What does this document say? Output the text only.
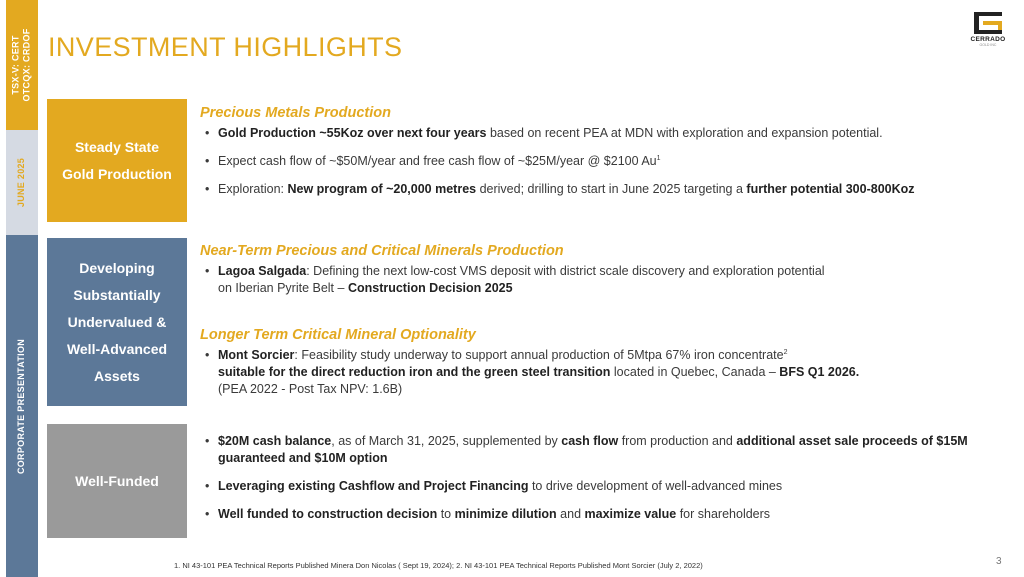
TSX-V: CERT OTCQX: CRDOF
JUNE 2025
CORPORATE PRESENTATION
INVESTMENT HIGHLIGHTS	CERRADO
GOLD INC
Steady State
Gold Production
Developing
Substantially
Undervalued &
Well-Advanced
Assets
Well-Funded
Precious Metals Production
• Gold Production ~55Koz over next four years based on recent PEA at MDN with exploration and expansion potential.
• Expect cash flow of ~$50M/year and free cash flow of ~$25M/year @ $2100 Au$^1$
• Exploration: New program of ~20,000 metres derived; drilling to start in June 2025 targeting a further potential 300-800Koz
Near-Term Precious and Critical Minerals Production
• Lagoa Salgada: Defining the next low-cost VMS deposit with district scale discovery and exploration potential
on Iberian Pyrite Belt – Construction Decision 2025
Longer Term Critical Mineral Optionality
• Mont Sorcier: Feasibility study underway to support annual production of 5Mtpa 67% iron concentrate$^2$
suitable for the direct reduction iron and the green steel transition located in Quebec, Canada – BFS Q1 2026.
(PEA 2022 - Post Tax NPV: 1.6B)
• $20M cash balance, as of March 31, 2025, supplemented by cash flow from production and additional asset sale proceeds of $15M guaranteed and $10M option
• Leveraging existing Cashflow and Project Financing to drive development of well-advanced mines
• Well funded to construction decision to minimize dilution and maximize value for shareholders
1. NI 43-101 PEA Technical Reports Published Minera Don Nicolas ( Sept 19, 2024); 2. NI 43-101 PEA Technical Reports Published Mont Sorcier (July 2, 2022)	3
